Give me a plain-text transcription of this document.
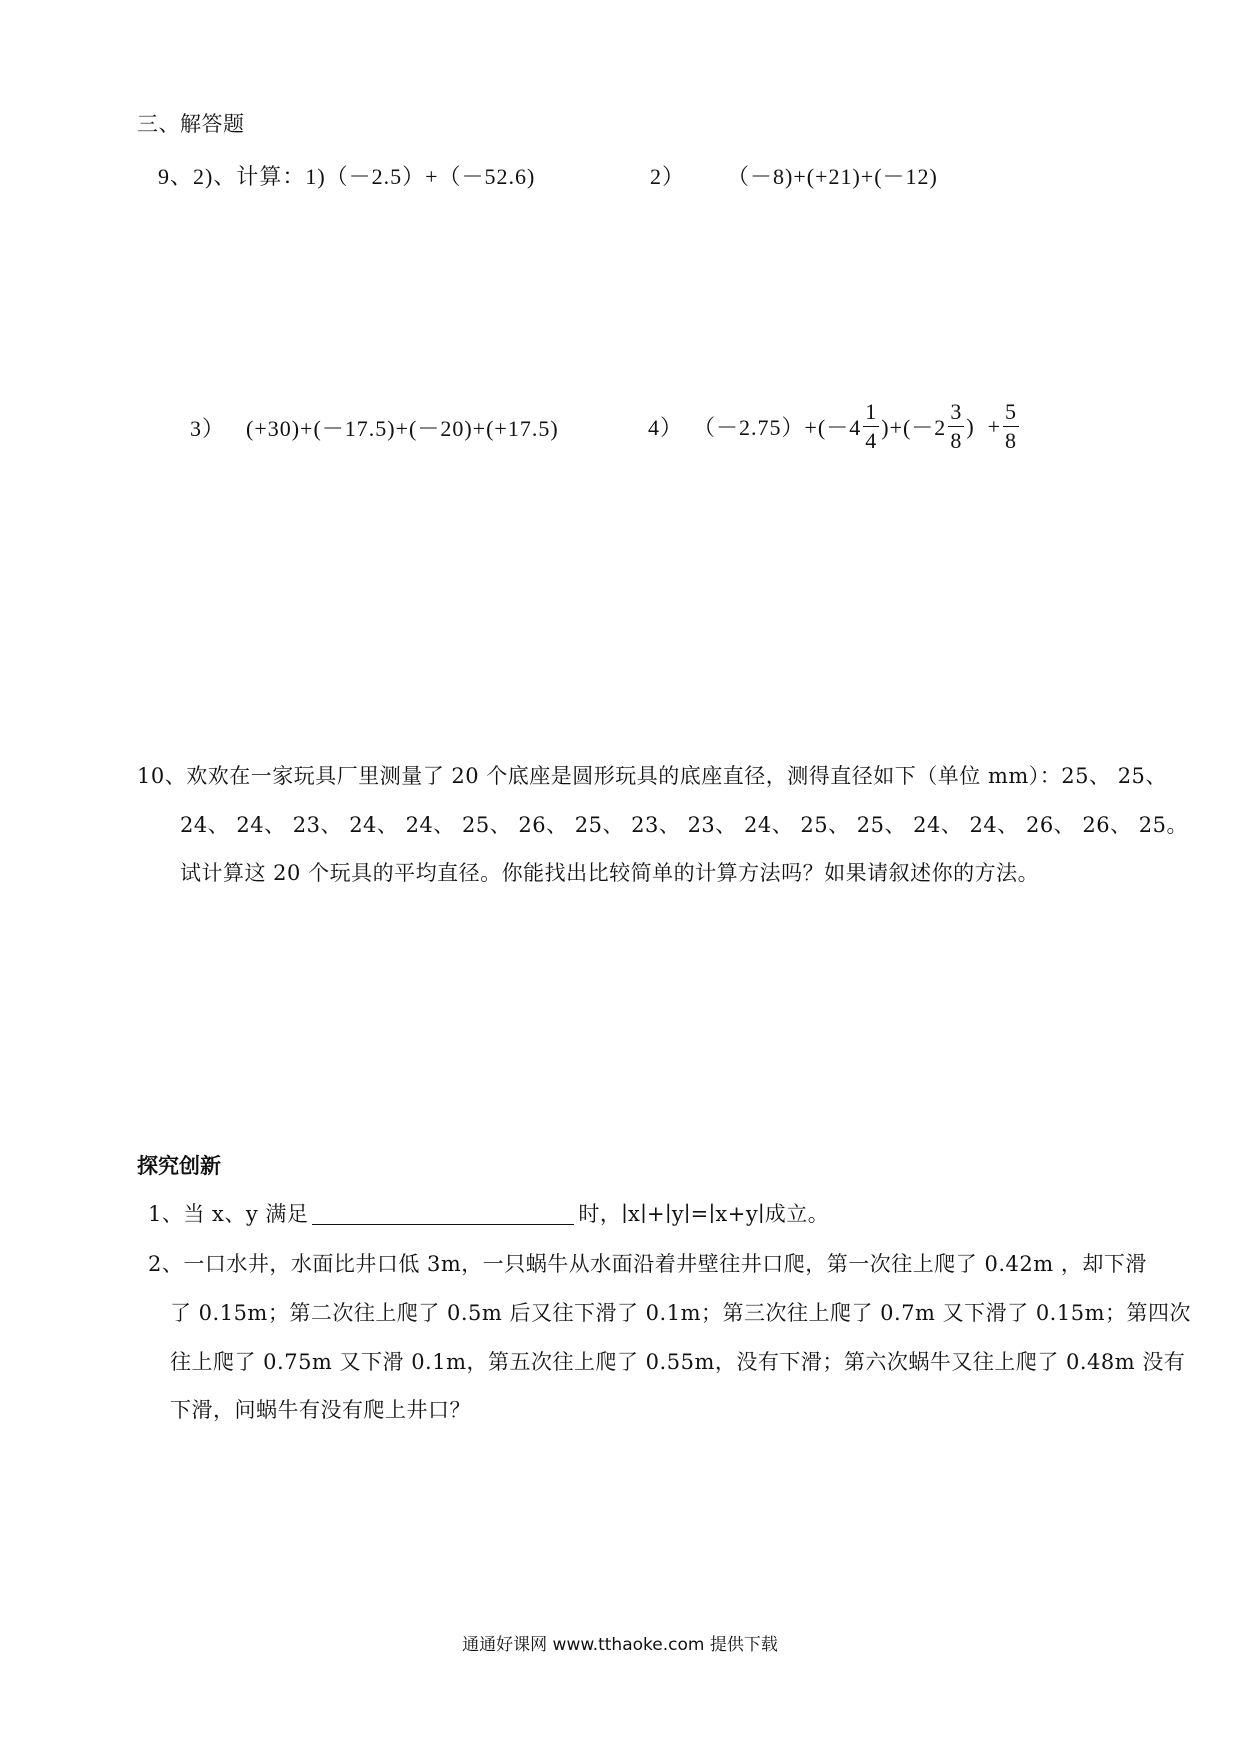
三、解答题
9、2)、计算：1)（－2.5）+（－52.6)	2） （－8)+(+21)+(－12)
3） (+30)+(－17.5)+(－20)+(+17.5)	4） $(-2.75)+(-4 \frac{1}{4} )+(-2 \frac{3}{8}$ )  + $\frac{5}{8}$
10、欢欢在一家玩具厂里测量了 20 个底座是圆形玩具的底座直径，测得直径如下（单位 mm）：25、 25、
24、 24、 23、 24、 24、 25、 26、 25、 23、 23、 24、 25、 25、 24、 24、 26、 26、 25。
试计算这 20 个玩具的平均直径。你能找出比较简单的计算方法吗？如果请叙述你的方法。
探究创新
1、当 x、y 满足	时，∣x∣+∣y∣=∣x+y∣成立。
2、一口水井，水面比井口低 3m，一只蜗牛从水面沿着井壁往井口爬，第一次往上爬了 0.42m ，却下滑
了 0.15m；第二次往上爬了 0.5m 后又往下滑了 0.1m；第三次往上爬了 0.7m 又下滑了 0.15m；第四次
往上爬了 0.75m 又下滑 0.1m，第五次往上爬了 0.55m，没有下滑；第六次蜗牛又往上爬了 0.48m 没有
下滑，问蜗牛有没有爬上井口？
通通好课网 www.tthaoke.com 提供下载
